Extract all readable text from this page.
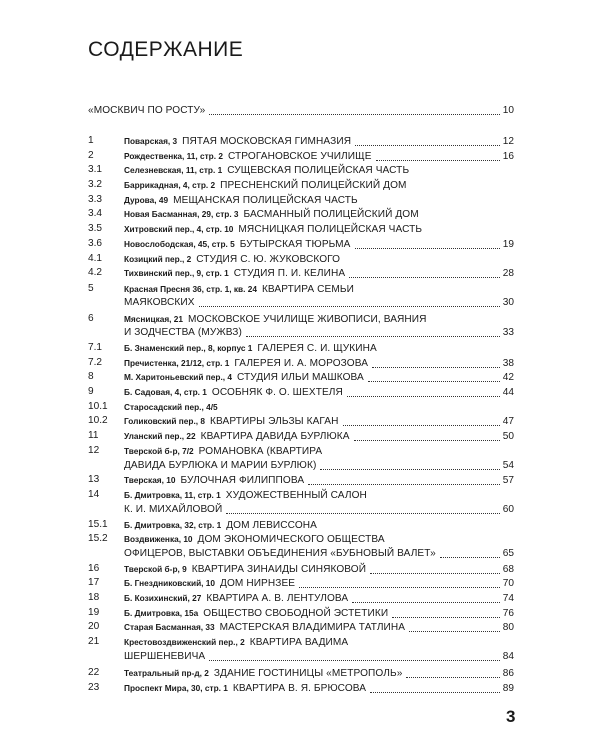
СОДЕРЖАНИЕ
«МОСКВИЧ ПО РОСТУ»	10
1	Поварская, 3 ПЯТАЯ МОСКОВСКАЯ ГИМНАЗИЯ	12
2	Рождественка, 11, стр. 2 СТРОГАНОВСКОЕ УЧИЛИЩЕ	16
3.1	Селезневская, 11, стр. 1 СУЩЕВСКАЯ ПОЛИЦЕЙСКАЯ ЧАСТЬ
3.2	Баррикадная, 4, стр. 2 ПРЕСНЕНСКИЙ ПОЛИЦЕЙСКИЙ ДОМ
3.3	Дурова, 49 МЕЩАНСКАЯ ПОЛИЦЕЙСКАЯ ЧАСТЬ
3.4	Новая Басманная, 29, стр. 3 БАСМАННЫЙ ПОЛИЦЕЙСКИЙ ДОМ
3.5	Хитровский пер., 4, стр. 10 МЯСНИЦКАЯ ПОЛИЦЕЙСКАЯ ЧАСТЬ
3.6	Новослободская, 45, стр. 5 БУТЫРСКАЯ ТЮРЬМА	19
4.1	Козицкий пер., 2 СТУДИЯ С. Ю. ЖУКОВСКОГО
4.2	Тихвинский пер., 9, стр. 1 СТУДИЯ П. И. КЕЛИНА	28
5	Красная Пресня 36, стр. 1, кв. 24 КВАРТИРА СЕМЬИ
МАЯКОВСКИХ	30
6	Мясницкая, 21 МОСКОВСКОЕ УЧИЛИЩЕ ЖИВОПИСИ, ВАЯНИЯ
И ЗОДЧЕСТВА (МУЖВЗ)	33
7.1	Б. Знаменский пер., 8, корпус 1 ГАЛЕРЕЯ С. И. ЩУКИНА
7.2	Пречистенка, 21/12, стр. 1 ГАЛЕРЕЯ И. А. МОРОЗОВА	38
8	М. Харитоньевский пер., 4 СТУДИЯ ИЛЬИ МАШКОВА	42
9	Б. Садовая, 4, стр. 1 ОСОБНЯК Ф. О. ШЕХТЕЛЯ	44
10.1 Староcадский пер., 4/5
10.2 Голиковский пер., 8 КВАРТИРЫ ЭЛЬЗЫ КАГАН	47
11	Уланский пер., 22 КВАРТИРА ДАВИДА БУРЛЮКА	50
12	Тверской б-р, 7/2 РОМАНОВКА (КВАРТИРА
ДАВИДА БУРЛЮКА И МАРИИ БУРЛЮК)	54
13	Тверская, 10 БУЛОЧНАЯ ФИЛИППОВА	57
14	Б. Дмитровка, 11, стр. 1 ХУДОЖЕСТВЕННЫЙ САЛОН
К. И. МИХАЙЛОВОЙ	60
15.1 Б. Дмитровка, 32, стр. 1 ДОМ ЛЕВИССОНА
15.2 Воздвиженка, 10 ДОМ ЭКОНОМИЧЕСКОГО ОБЩЕСТВА
ОФИЦЕРОВ, ВЫСТАВКИ ОБЪЕДИНЕНИЯ «БУБНОВЫЙ ВАЛЕТ»	65
16	Тверской б-р, 9 КВАРТИРА ЗИНАИДЫ СИНЯКОВОЙ	68
17	Б. Гнездниковский, 10 ДОМ НИРНЗЕЕ	70
18	Б. Козихинский, 27 КВАРТИРА А. В. ЛЕНТУЛОВА	74
19	Б. Дмитровка, 15а ОБЩЕСТВО СВОБОДНОЙ ЭСТЕТИКИ	76
20	Старая Басманная, 33 МАСТЕРСКАЯ ВЛАДИМИРА ТАТЛИНА	80
21	Крестовоздвиженский пер., 2 КВАРТИРА ВАДИМА
ШЕРШЕНЕВИЧА	84
22	Театральный пр-д, 2 ЗДАНИЕ ГОСТИНИЦЫ «МЕТРОПОЛЬ»	86
23	Проспект Мира, 30, стр. 1 КВАРТИРА В. Я. БРЮСОВА	89
3
